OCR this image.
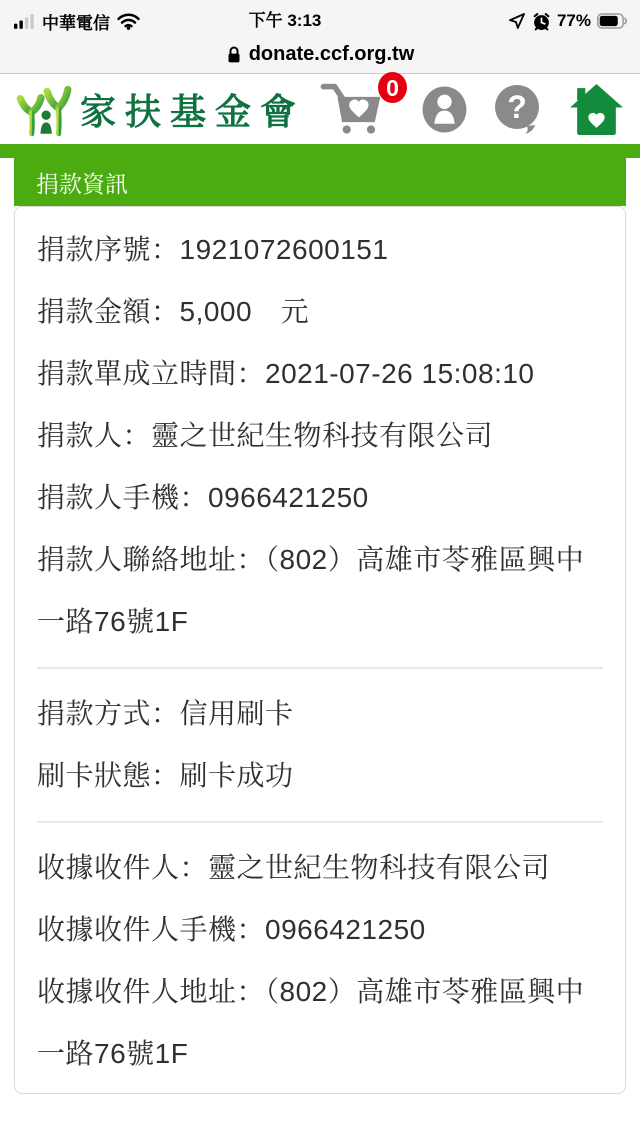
中華電信	下午 3:13	77%
donate.ccf.org.tw
家扶基金會
0
?
捐款資訊

捐款序號：1921072600151

捐款金額：5,000　元

捐款單成立時間：2021-07-26 15:08:10

捐款人：靈之世紀生物科技有限公司

捐款人手機：0966421250

捐款人聯絡地址：（802）高雄市苓雅區興中一路76號1F

捐款方式：信用刷卡

刷卡狀態：刷卡成功

收據收件人：靈之世紀生物科技有限公司

收據收件人手機：0966421250

收據收件人地址：（802）高雄市苓雅區興中一路76號1F
